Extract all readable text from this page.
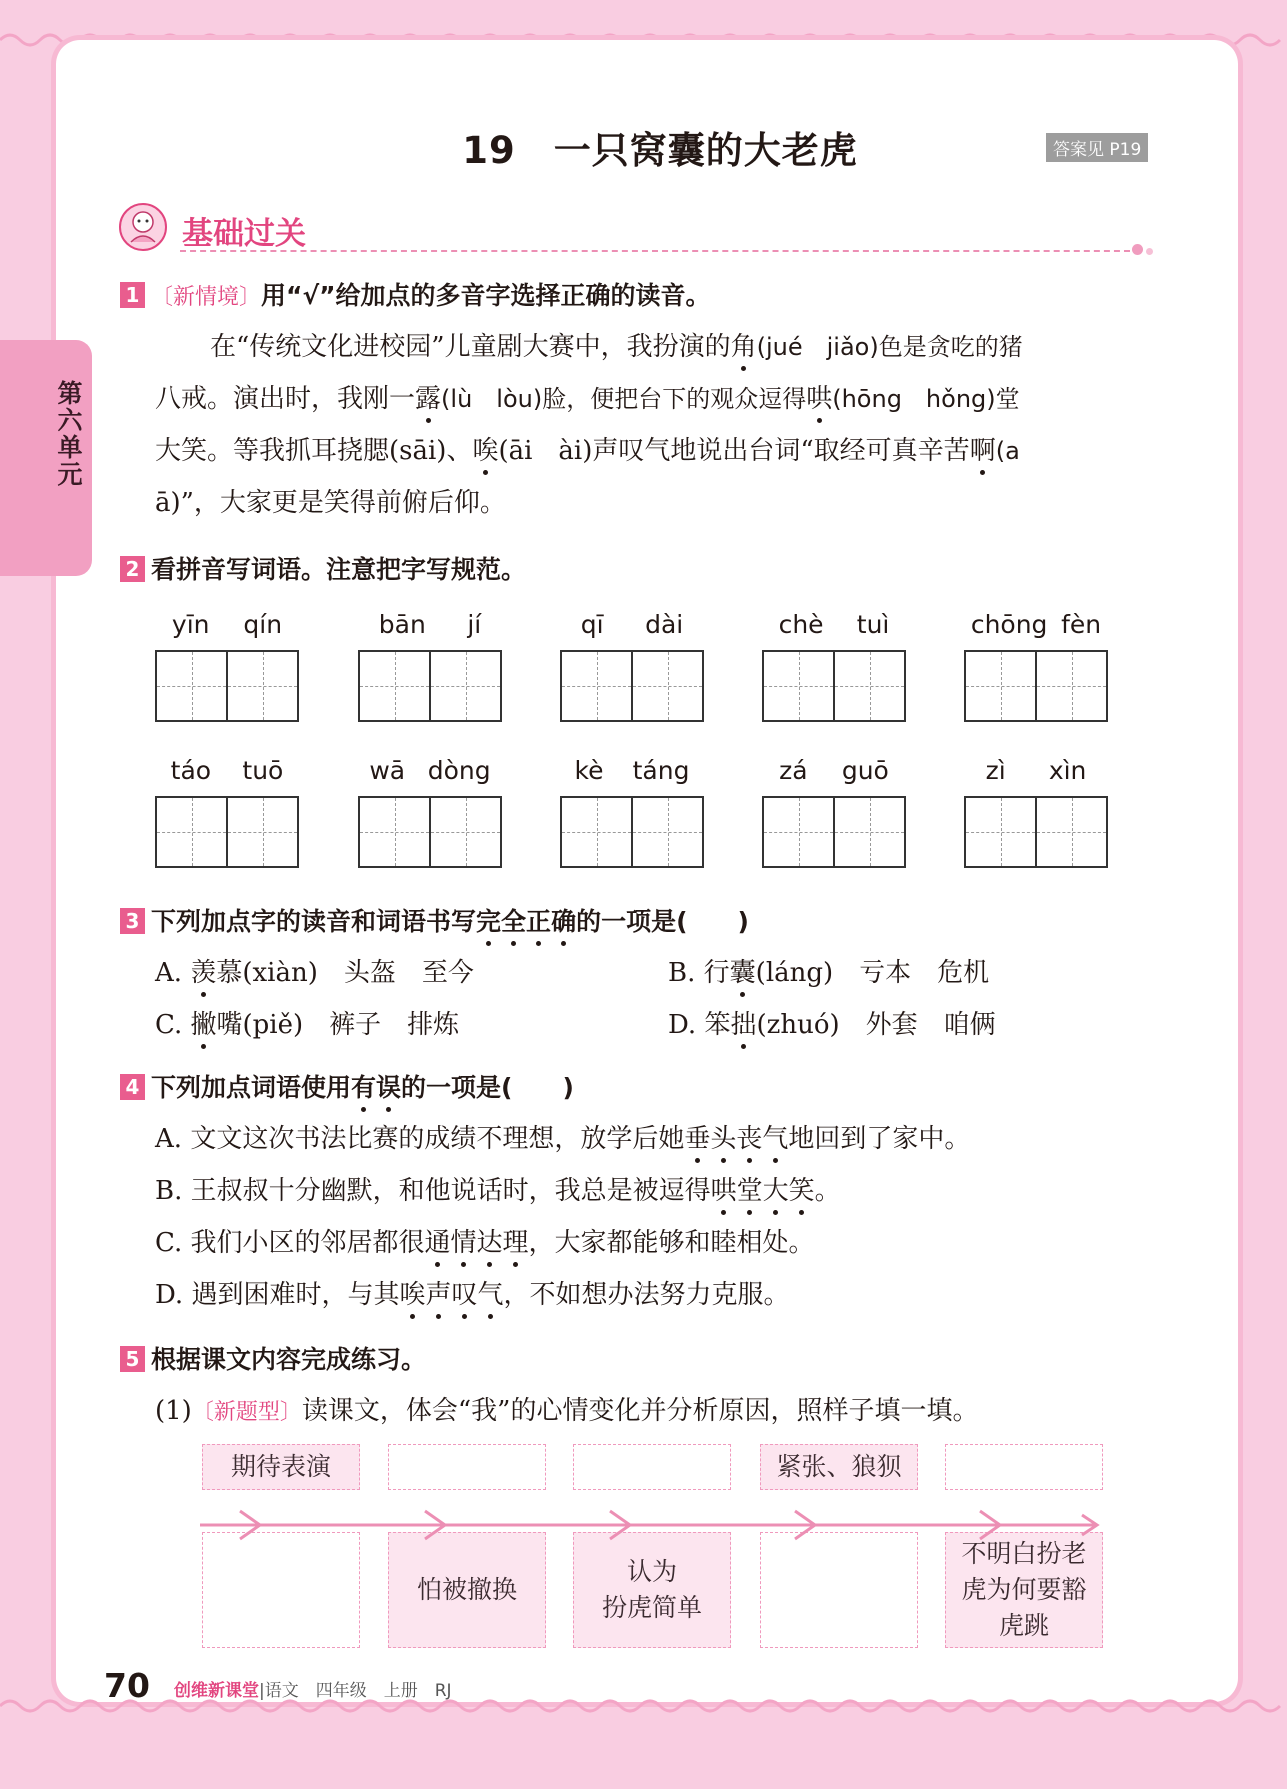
第六单元
19　一只窝囊的大老虎	答案见 P19
基础过关
1 〔新情境〕用“√”给加点的多音字选择正确的读音。
在“传统文化进校园”儿童剧大赛中，我扮演的角(jué　jiǎo)色是贪吃的猪
八戒。演出时，我刚一露(lù　lòu)脸，便把台下的观众逗得哄(hōng　hǒng)堂
大笑。等我抓耳挠腮(sāi)、唉(āi　ài)声叹气地说出台词“取经可真辛苦啊(a
ā)”，大家更是笑得前俯后仰。
2 看拼音写词语。注意把字写规范。
yīn qín	bān jí	qī dài	chè tuì	chōng fèn
táo tuō	wā dòng	kè táng	zá guō	zì xìn
3 下列加点字的读音和词语书写完全正确的一项是(　　)
A. 羡慕(xiàn)　头盔　至今	B. 行囊(láng)　亏本　危机
C. 撇嘴(piě)　裤子　排炼	D. 笨拙(zhuó)　外套　咱俩
4 下列加点词语使用有误的一项是(　　)
A. 文文这次书法比赛的成绩不理想，放学后她垂头丧气
地回到了家中。
B. 王叔叔十分幽默，和他说话时，我总是被逗得哄堂大笑
。
C. 我们小区的邻居都很通情达理
，大家都能够和睦相处。
D. 遇到困难时，与其唉声叹气
，不如想办法努力克服。
5 根据课文内容完成练习。
(1)〔新题型〕读课文，体会“我”的心情变化并分析原因，照样子填一填。
期待表演	紧张、狼狈
怕被撤换
认为
扮虎简单
不明白扮老
虎为何要豁
虎跳
70 创维新课堂|语文　四年级　上册　RJ
